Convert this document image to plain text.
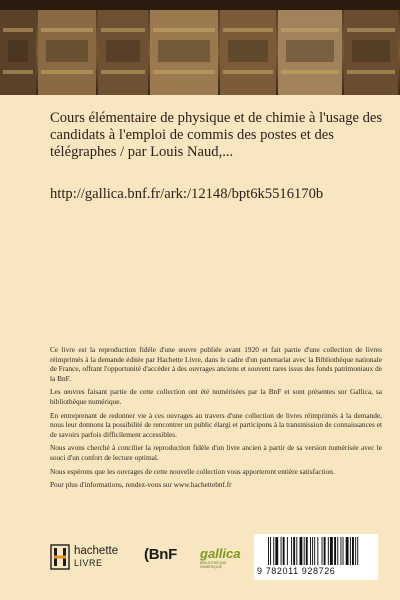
Cours élémentaire de physique et de chimie à l'usage des candidats à l'emploi de commis des postes et des télégraphes / par Louis Naud,...

http://gallica.bnf.fr/ark:/12148/bpt6k5516170b

Ce livre est la reproduction fidèle d'une œuvre publiée avant 1920 et fait partie d'une collection de livres réimprimés à la demande éditée par Hachette Livre, dans le cadre d'un partenariat avec la Bibliothèque nationale de France, offrant l'opportunité d'accéder à des ouvrages anciens et souvent rares issus des fonds patrimoniaux de la BnF.

Les œuvres faisant partie de cette collection ont été numérisées par la BnF et sont présentes sur Gallica, sa bibliothèque numérique.

En entreprenant de redonner vie à ces ouvrages au travers d'une collection de livres réimprimés à la demande, nous leur donnons la possibilité de rencontrer un public élargi et participons à la transmission de connaissances et de savoirs parfois difficilement accessibles.

Nous avons cherché à concilier la reproduction fidèle d'un livre ancien à partir de sa version numérisée avec le souci d'un confort de lecture optimal.

Nous espérons que les ouvrages de cette nouvelle collection vous apporteront entière satisfaction.

Pour plus d'informations, rendez-vous sur www.hachettebnf.fr

hachette
LIVRE
(BnF gallica
BIBLIOTHÈQUE NUMÉRIQUE	9 782011 928726
